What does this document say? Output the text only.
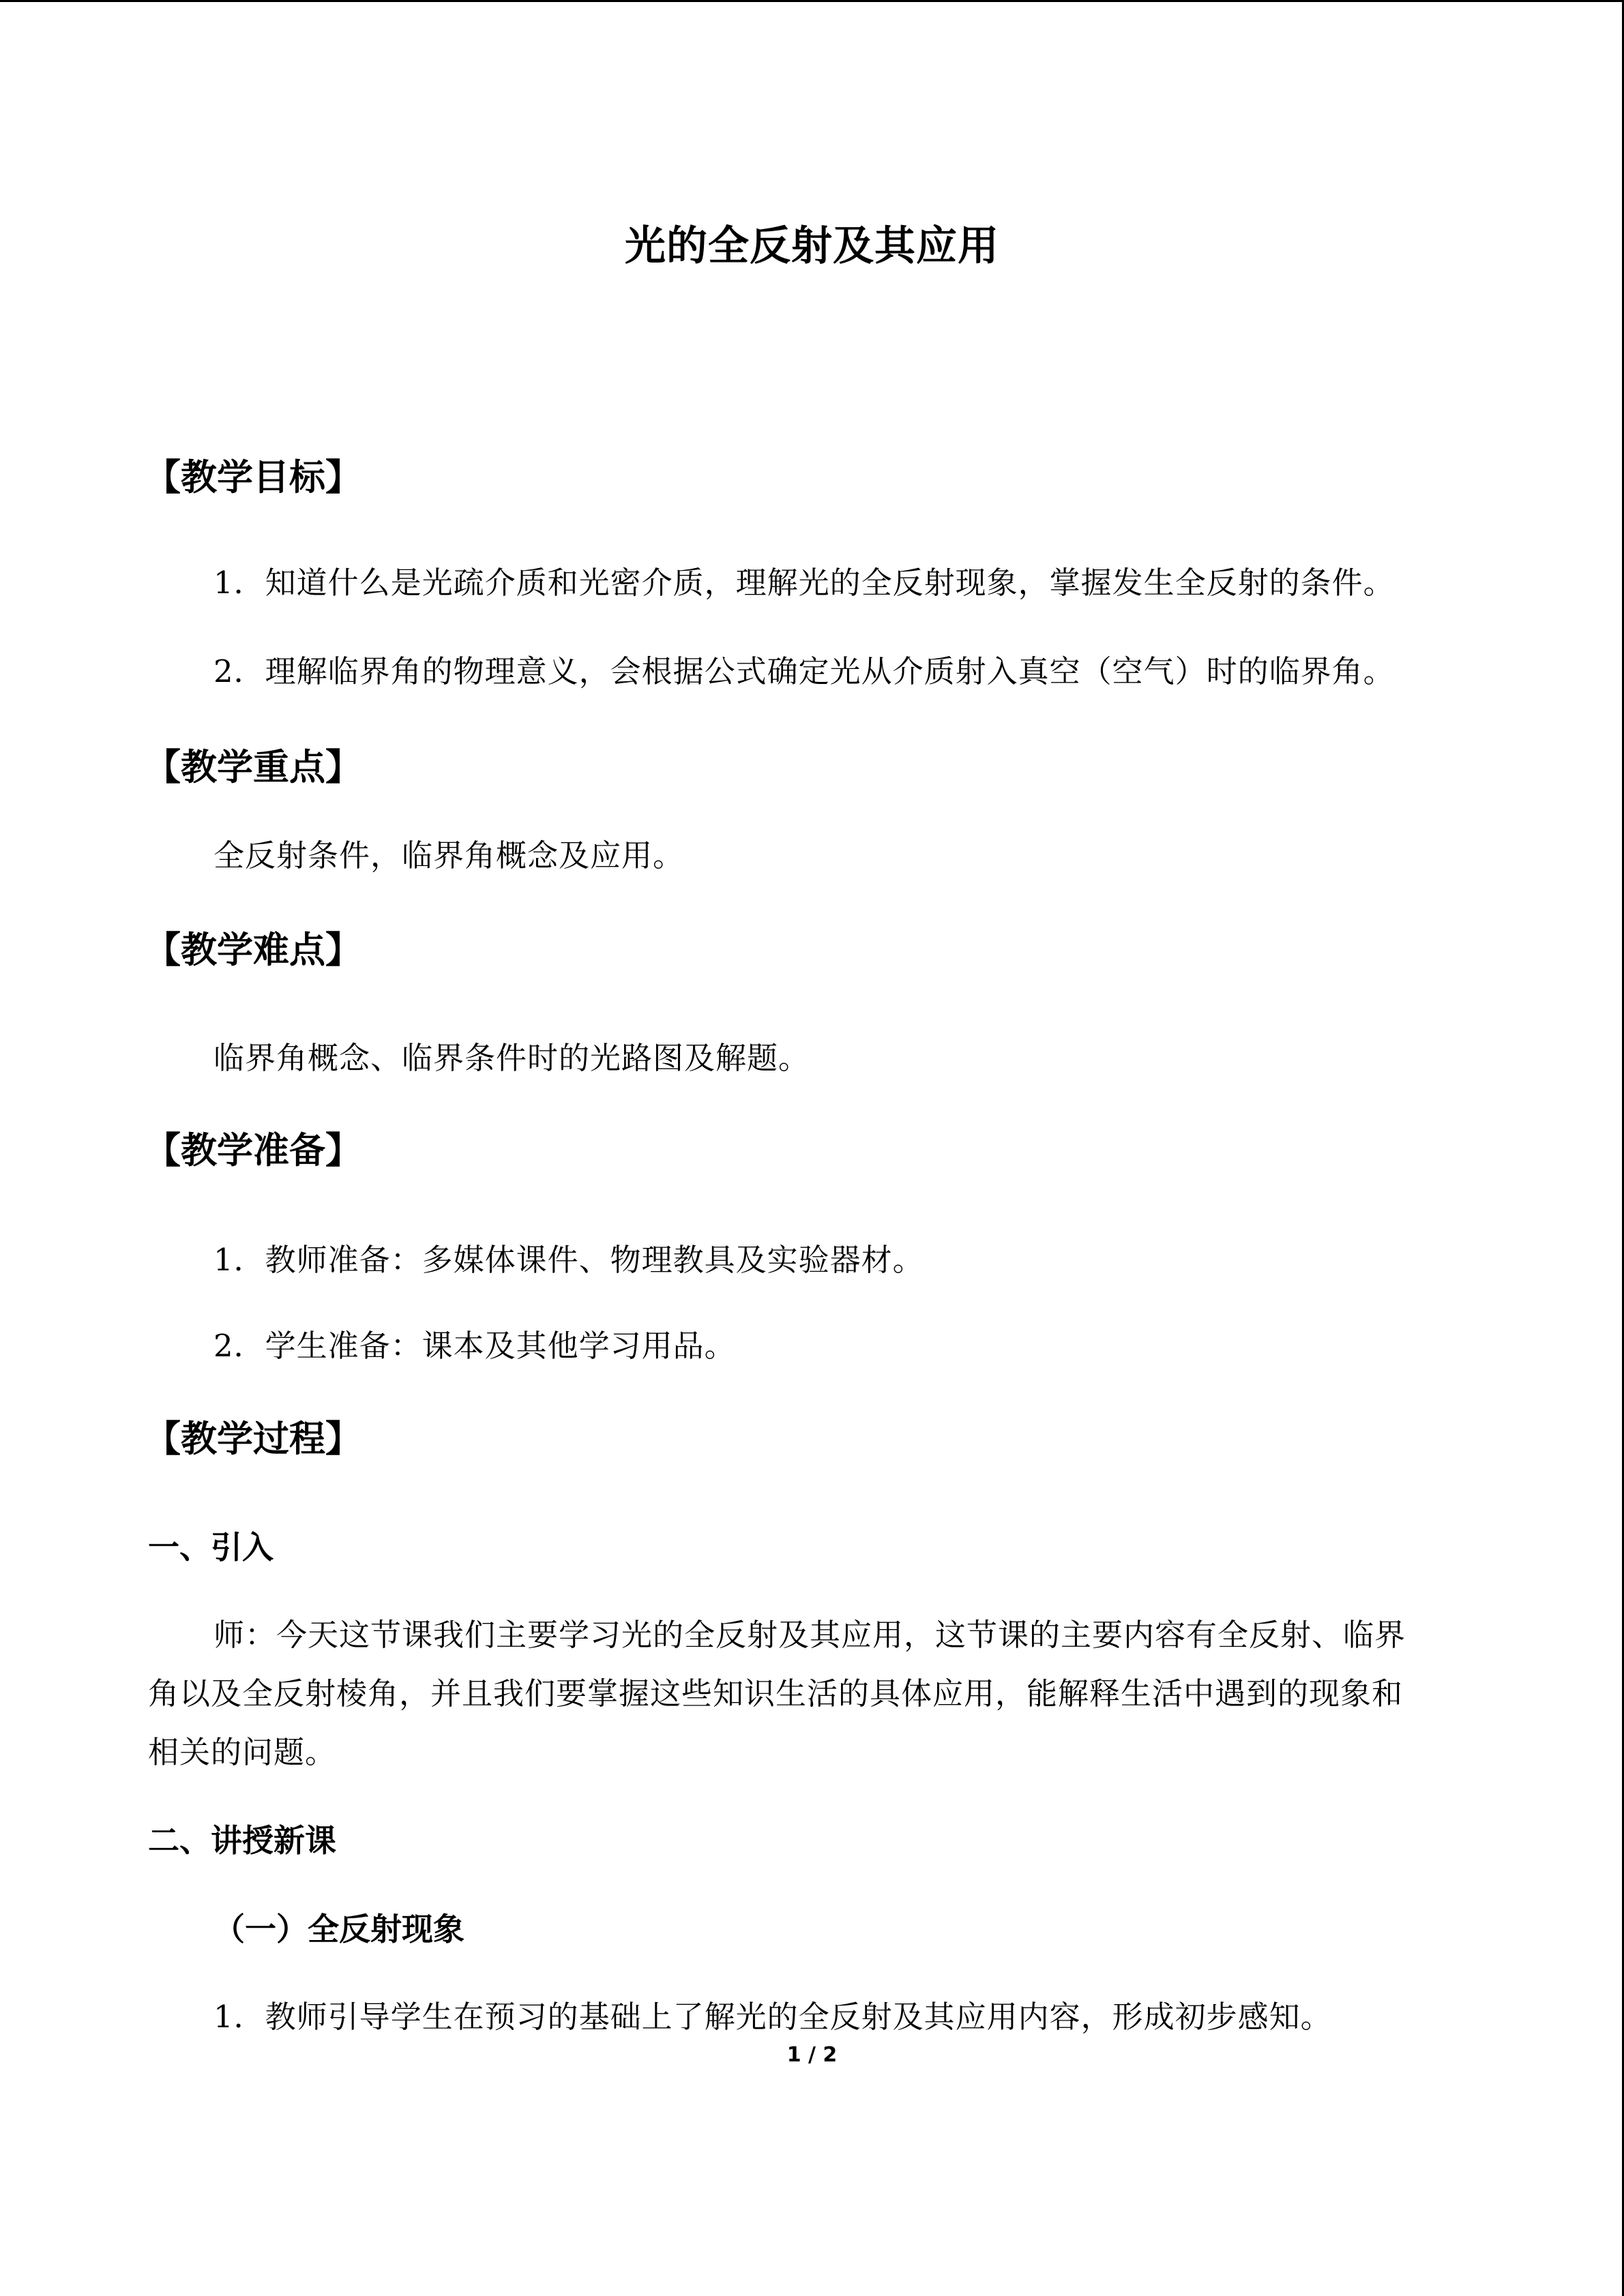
光的全反射及其应用
【教学目标】
1．知道什么是光疏介质和光密介质，理解光的全反射现象，掌握发生全反射的条件。
2．理解临界角的物理意义，会根据公式确定光从介质射入真空（空气）时的临界角。
【教学重点】
全反射条件，临界角概念及应用。
【教学难点】
临界角概念、临界条件时的光路图及解题。
【教学准备】
1．教师准备：多媒体课件、物理教具及实验器材。
2．学生准备：课本及其他学习用品。
【教学过程】
一、引入
师：今天这节课我们主要学习光的全反射及其应用，这节课的主要内容有全反射、临界
角以及全反射棱角，并且我们要掌握这些知识生活的具体应用，能解释生活中遇到的现象和
相关的问题。
二、讲授新课
（一）全反射现象
1．教师引导学生在预习的基础上了解光的全反射及其应用内容，形成初步感知。
1 / 2
